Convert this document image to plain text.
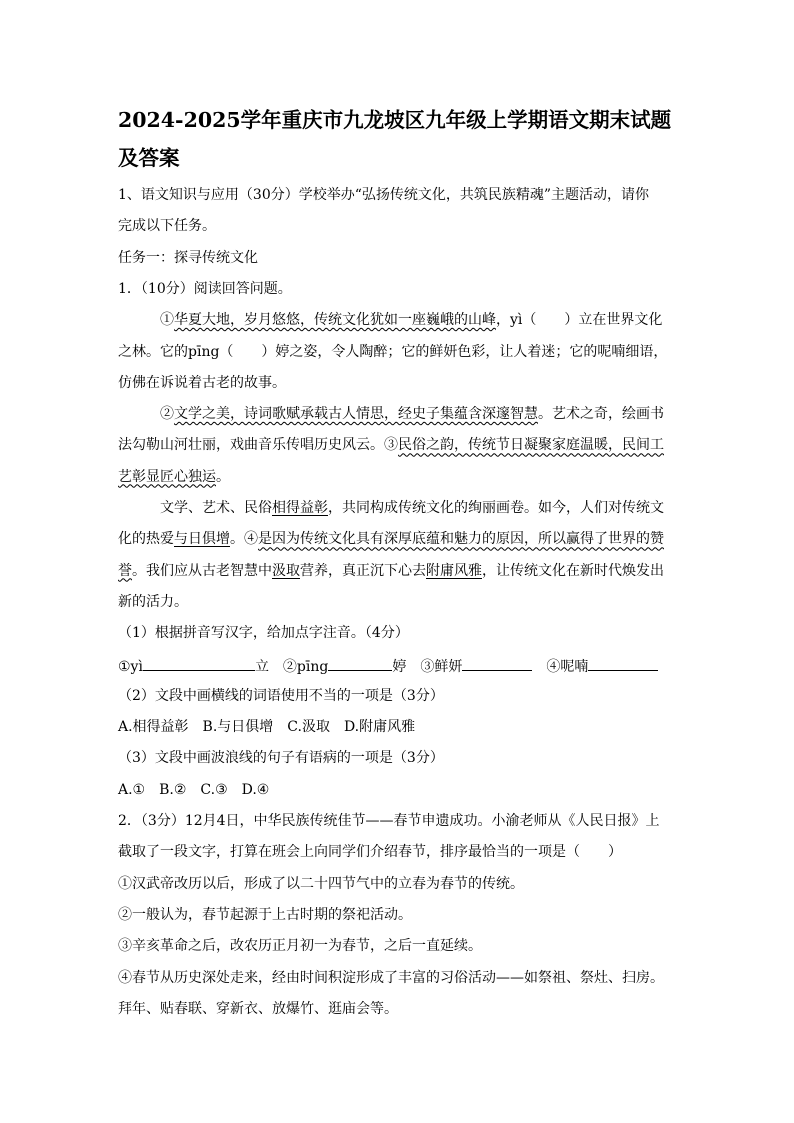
2024-2025学年重庆市九龙坡区九年级上学期语文期末试题
及答案
1、语文知识与应用（30分）学校举办“弘扬传统文化，共筑民族精魂”主题活动，请你
完成以下任务。
任务一：探寻传统文化
1．（10分）阅读回答问题。
①华夏大地，岁月悠悠，传统文化犹如一座巍峨的山峰，yì（　　）立在世界文化
之林。它的pīng（　　）婷之姿，令人陶醉；它的鲜妍色彩，让人着迷；它的呢喃细语，
仿佛在诉说着古老的故事。
②文学之美，诗词歌赋承载古人情思，经史子集蕴含深邃智慧。艺术之奇，绘画书
法勾勒山河壮丽，戏曲音乐传唱历史风云。③民俗之韵，传统节日凝聚家庭温暖，民间工
艺彰显匠心独运。
文学、艺术、民俗相得益彰，共同构成传统文化的绚丽画卷。如今，人们对传统文
化的热爱与日俱增。④是因为传统文化具有深厚底蕴和魅力的原因，所以赢得了世界的赞
誉。我们应从古老智慧中汲取营养，真正沉下心去附庸风雅，让传统文化在新时代焕发出
新的活力。
（1）根据拼音写汉字，给加点字注音。（4分）
①yì	立　②pīng	婷　③鲜妍	　④呢喃
（2）文段中画横线的词语使用不当的一项是（3分）
A.相得益彰　B.与日俱增　C.汲取　D.附庸风雅
（3）文段中画波浪线的句子有语病的一项是（3分）
A.①　B.②　C.③　D.④
2．（3分）12月4日，中华民族传统佳节——春节申遗成功。小渝老师从《人民日报》上
截取了一段文字，打算在班会上向同学们介绍春节，排序最恰当的一项是（　　）
①汉武帝改历以后，形成了以二十四节气中的立春为春节的传统。
②一般认为，春节起源于上古时期的祭祀活动。
③辛亥革命之后，改农历正月初一为春节，之后一直延续。
④春节从历史深处走来，经由时间积淀形成了丰富的习俗活动——如祭祖、祭灶、扫房。
拜年、贴春联、穿新衣、放爆竹、逛庙会等。
